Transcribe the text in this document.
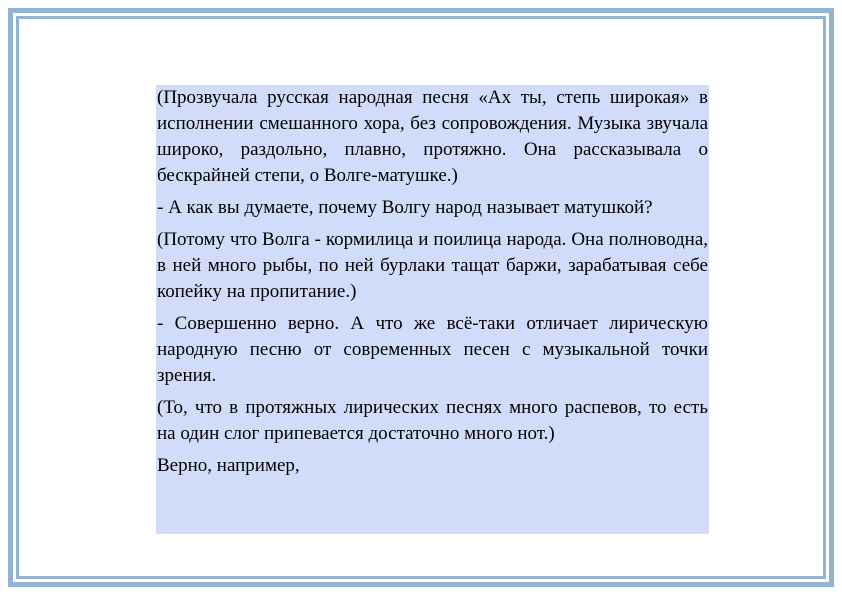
(Прозвучала русская народная песня «Ах ты, степь широкая» в исполнении смешанного хора, без сопровождения. Музыка звучала широко, раздольно, плавно, протяжно. Она рассказывала о бескрайней степи, о Волге-матушке.)

- А как вы думаете, почему Волгу народ называет матушкой?

(Потому что Волга - кормилица и поилица народа. Она полноводна, в ней много рыбы, по ней бурлаки тащат баржи, зарабатывая себе копейку на пропитание.)

- Совершенно верно. А что же всё-таки отличает лирическую народную песню от современных песен с музыкальной точки зрения.

(То, что в протяжных лирических песнях много распевов, то есть на один слог припевается достаточно много нот.)

Верно, например,
